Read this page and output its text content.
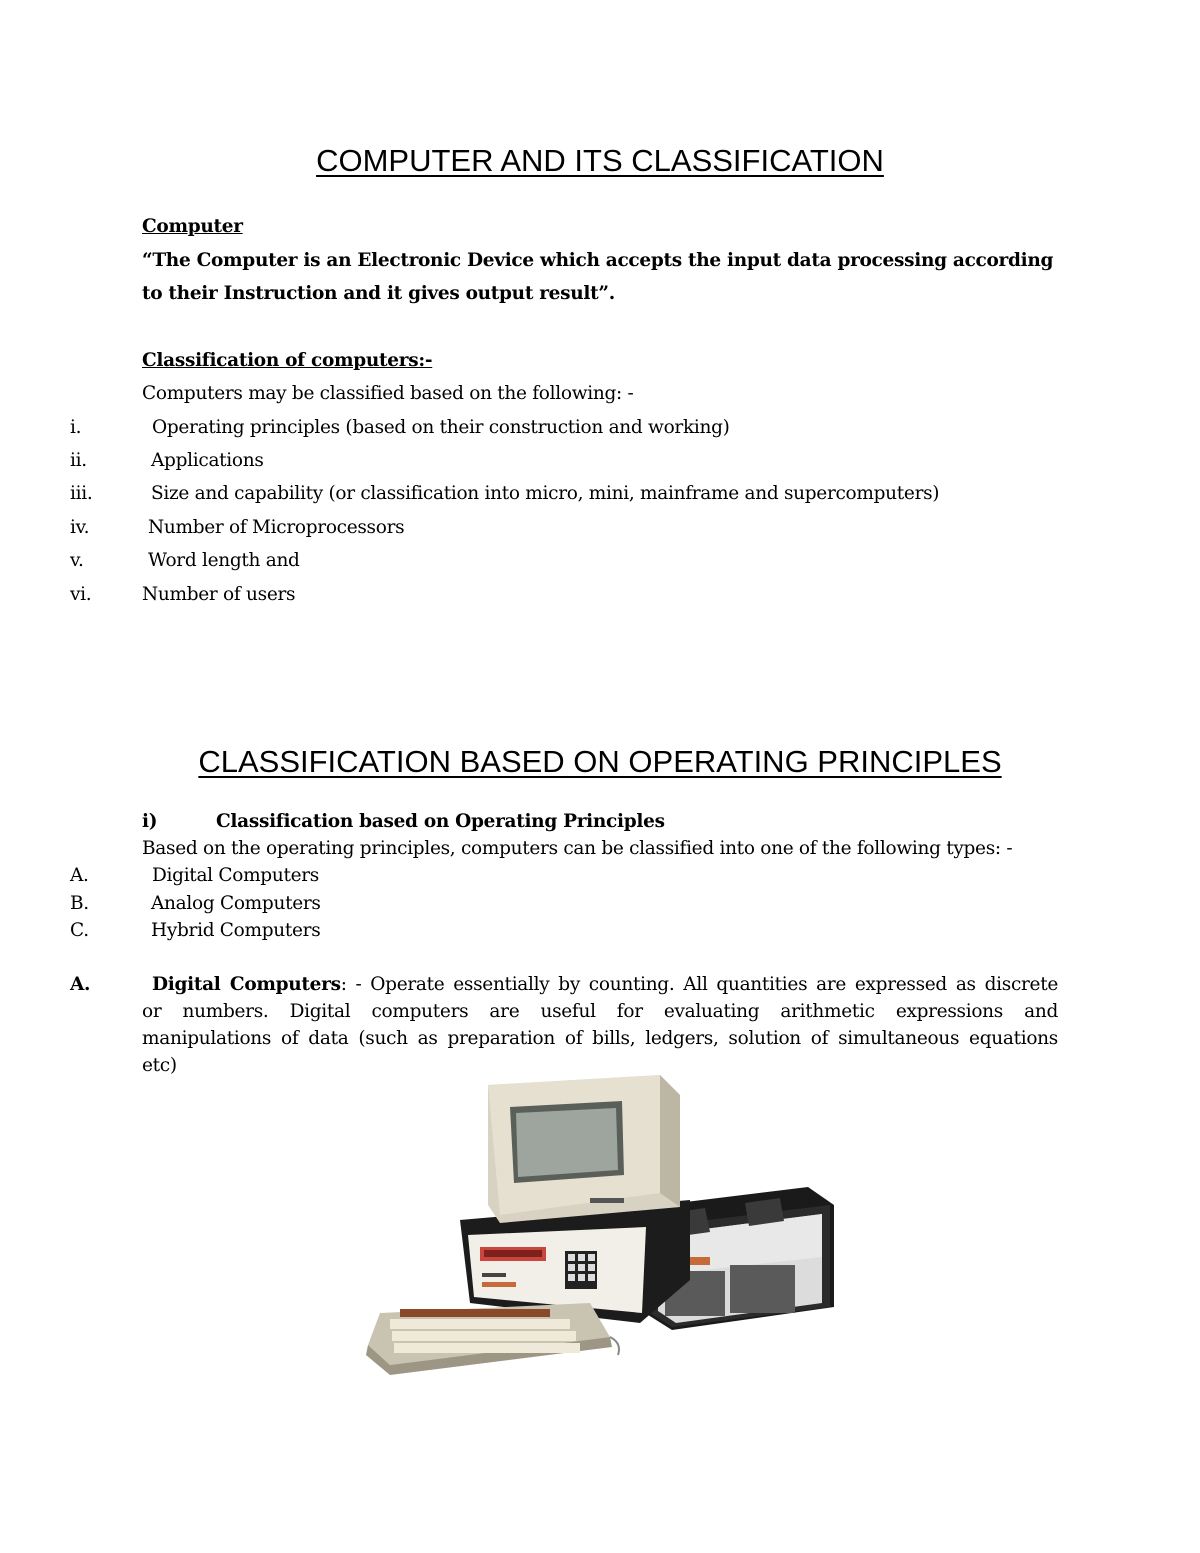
COMPUTER AND ITS CLASSIFICATION
Computer
“The Computer is an Electronic Device which accepts the input data processing according
to their Instruction and it gives output result”.
Classification of computers:-
Computers may be classified based on the following: -
i.	Operating principles (based on their construction and working)
ii.	Applications
iii.	Size and capability (or classification into micro, mini, mainframe and supercomputers)
iv.	Number of Microprocessors
v.	Word length and
vi.	Number of users
CLASSIFICATION BASED ON OPERATING PRINCIPLES
i)	Classification based on Operating Principles
Based on the operating principles, computers can be classified into one of the following types: -
A.	Digital Computers
B.	Analog Computers
C.	Hybrid Computers
A.	Digital Computers: - Operate essentially by counting. All quantities are expressed as discrete
or numbers. Digital computers are useful for evaluating arithmetic expressions and
manipulations of data (such as preparation of bills, ledgers, solution of simultaneous equations
etc)
